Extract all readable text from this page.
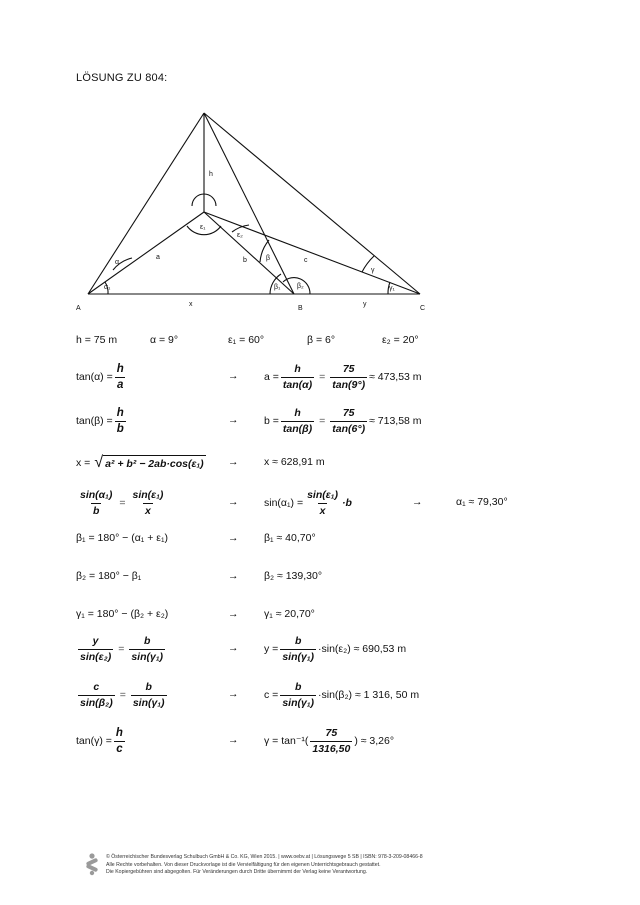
LÖSUNG ZU 804:
A	B	C
h
a	b	c
x	y
α
α₁
ε₁
ε₂
β
β₁ β₂
γ
γ₁
h = 75 m	α = 9°	ε₁ = 60°	β = 6°	ε₂ = 20°
$\tan(\alpha) = \frac{h}{a}$	→ $a = \frac{h}{\tan(\alpha)} = \frac{75}{\tan(9^\circ)} \approx 473,53$ m
$\tan(\beta) = \frac{h}{b}$	→ $b = \frac{h}{\tan(\beta)} = \frac{75}{\tan(6^\circ)} \approx 713,58$ m
x = √ a² + b² − 2ab·cos(ε₁) → x ≈ 628,91 m
$\frac{\text{sin(α₁)}}{b} = \frac{\text{sin(ε₁)}}{x}$	→ $\sin(\alpha_1) = \frac{\text{sin(ε₁)}}{x} \cdot b$	→	α₁ ≈ 79,30°
β₁ = 180° − (α₁ + ε₁)	→ β₁ ≈ 40,70°
β₂ = 180° − β₁	→ β₂ ≈ 139,30°
γ₁ = 180° − (β₂ + ε₂)	→ γ₁ ≈ 20,70°
$\frac{y}{\text{sin(ε₂)}} = \frac{b}{\text{sin(γ₁)}}$	→ $y = \frac{b}{\text{sin(γ₁)}} \cdot\sin(\varepsilon_2) \approx 690,53$ m
$\frac{c}{\text{sin(β₂)}} = \frac{b}{\text{sin(γ₁)}}$	→ $c = \frac{b}{\text{sin(γ₁)}} \cdot\sin(\beta_2) \approx 1$ 316, 50 m
$\tan(\gamma) = \frac{h}{c}$	→ $\gamma = \tan^{-1}( \frac{75}{1316,50}$ ) ≈ 3,26°
© Österreichischer Bundesverlag Schulbuch GmbH & Co. KG, Wien 2015. | www.oebv.at | Lösungswege 5 SB | ISBN: 978-3-209-08466-8
Alle Rechte vorbehalten. Von dieser Druckvorlage ist die Vervielfältigung für den eigenen Unterrichtsgebrauch gestattet.
Die Kopiergebühren sind abgegolten. Für Veränderungen durch Dritte übernimmt der Verlag keine Verantwortung.
